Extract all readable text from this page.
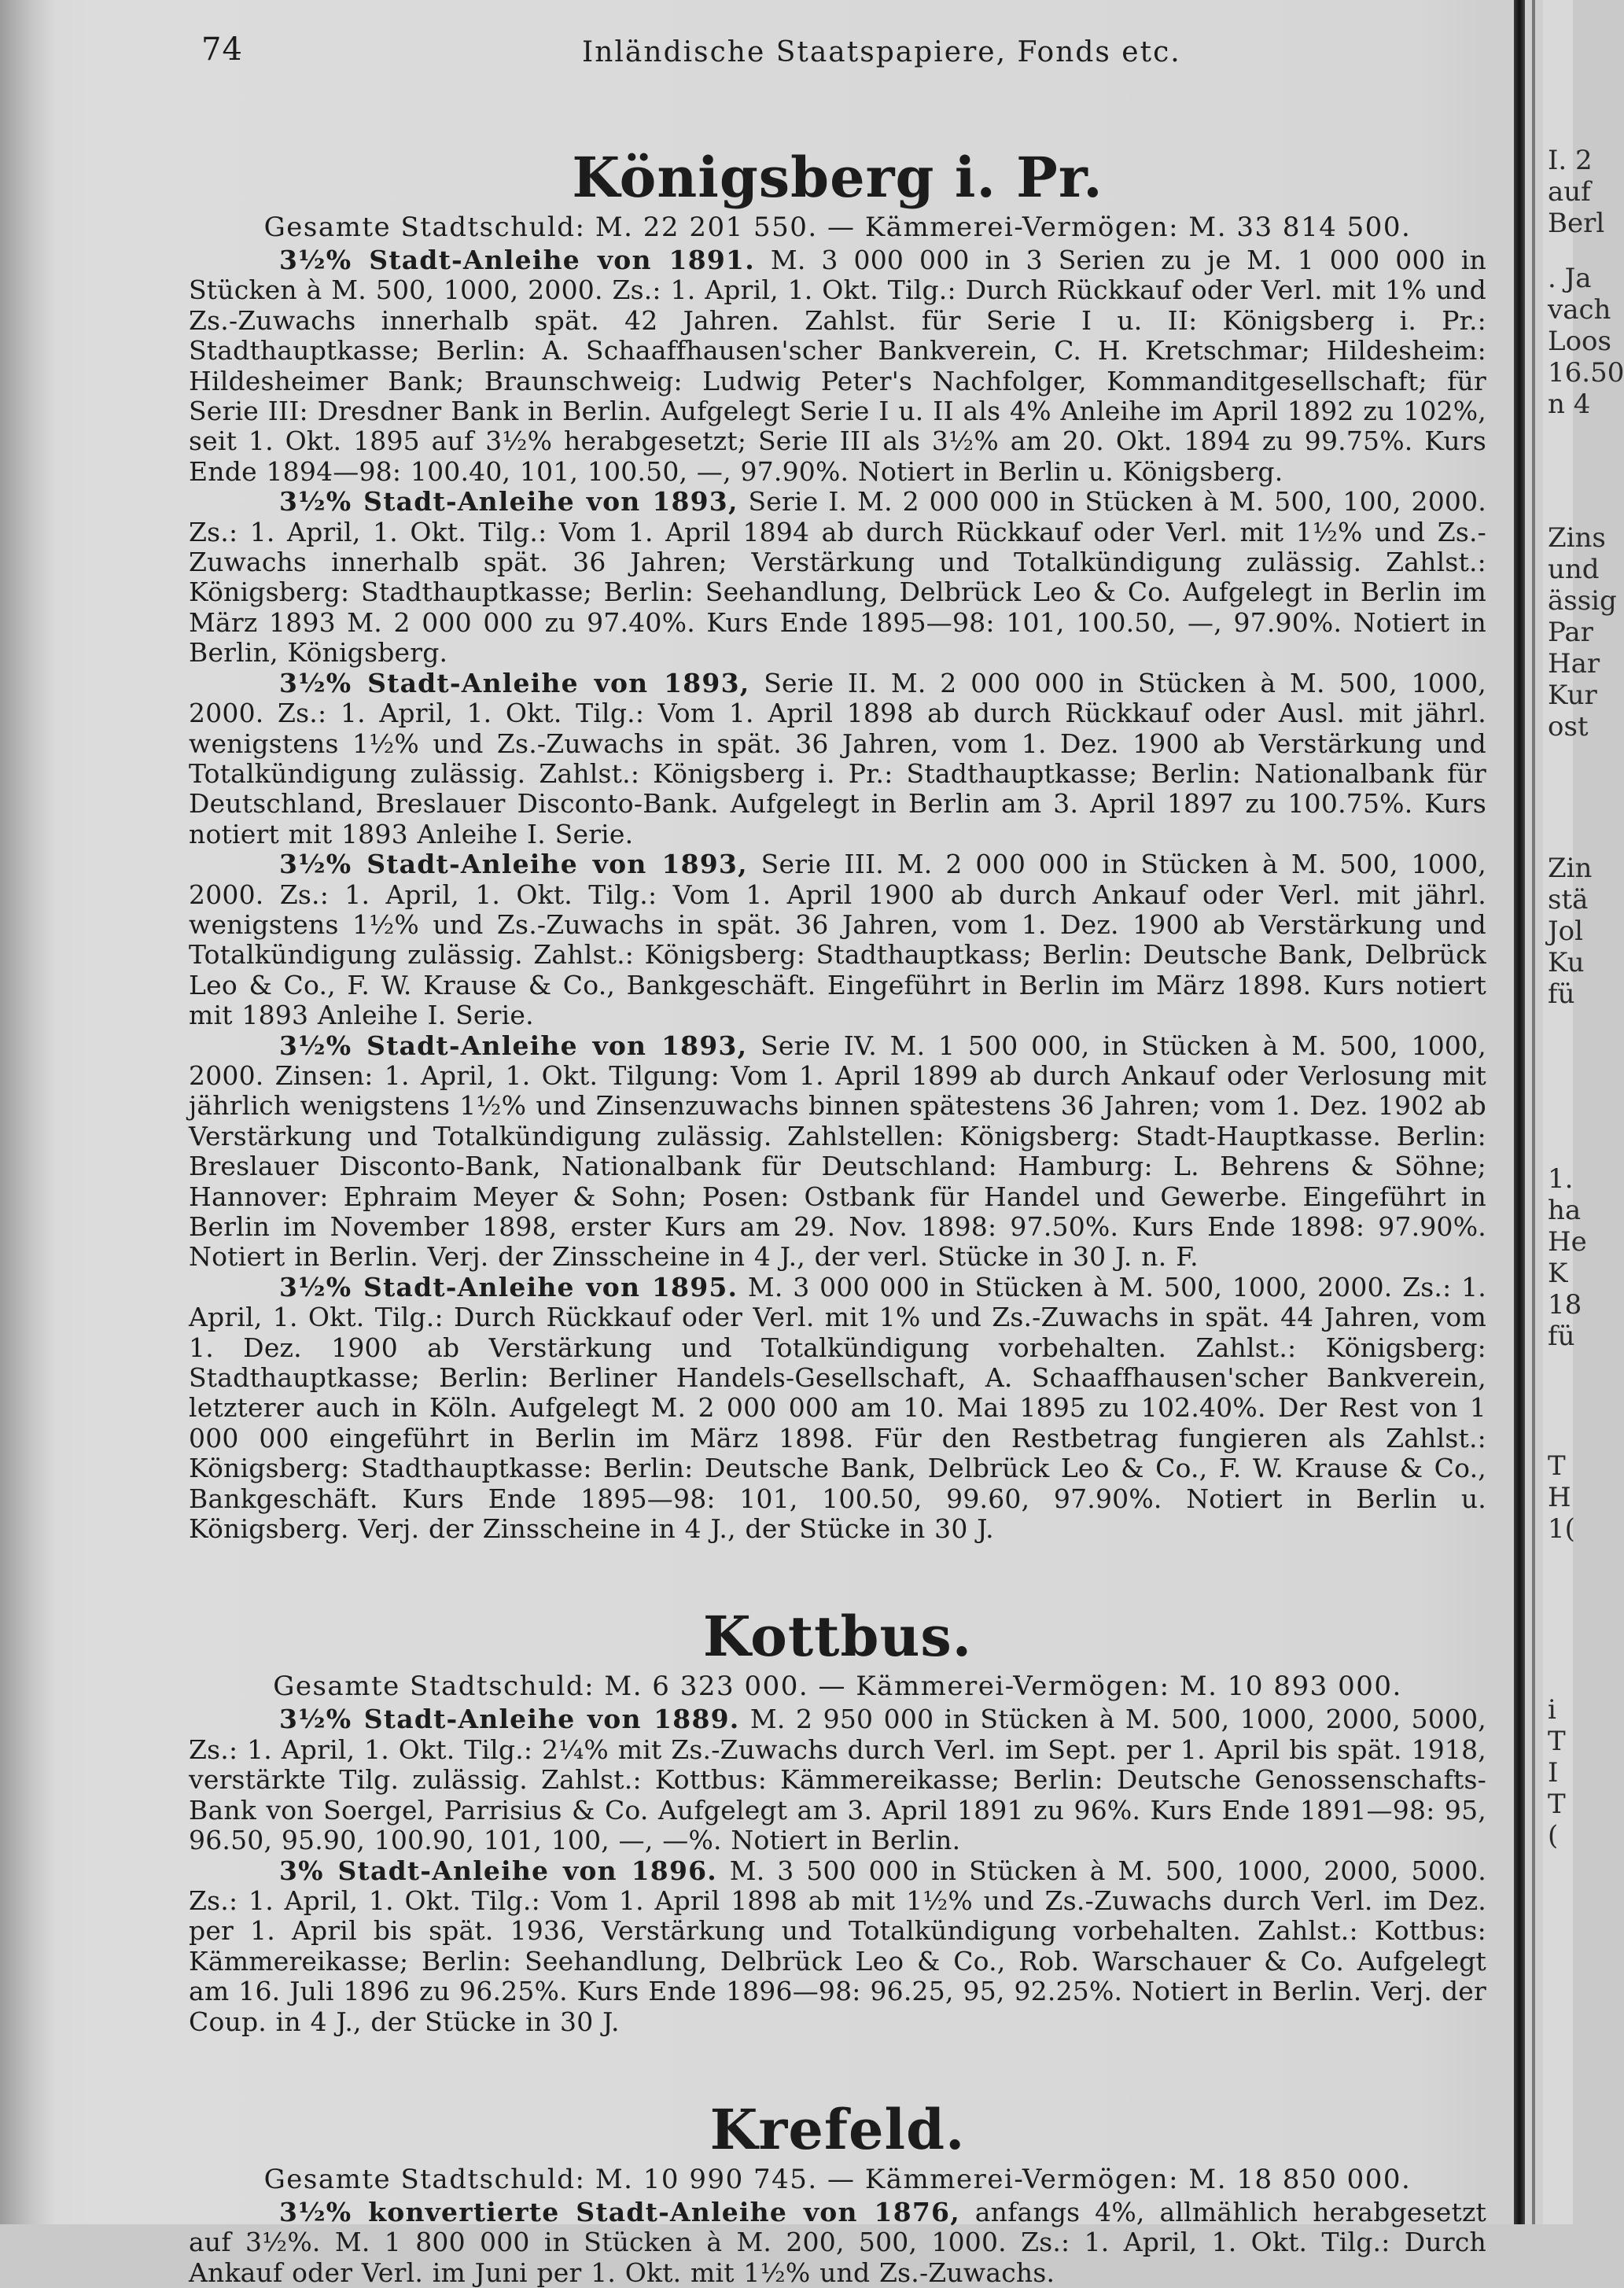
74	Inländische Staatspapiere, Fonds etc.
Königsberg i. Pr.
Gesamte Stadtschuld: M. 22 201 550. — Kämmerei-Vermögen: M. 33 814 500.

3½% Stadt-Anleihe von 1891. M. 3 000 000 in 3 Serien zu je M. 1 000 000 in Stücken à M. 500, 1000, 2000. Zs.: 1. April, 1. Okt. Tilg.: Durch Rückkauf oder Verl. mit 1% und Zs.-Zuwachs innerhalb spät. 42 Jahren. Zahlst. für Serie I u. II: Königsberg i. Pr.: Stadthauptkasse; Berlin: A. Schaaffhausen'scher Bankverein, C. H. Kretschmar; Hildesheim: Hildesheimer Bank; Braunschweig: Ludwig Peter's Nachfolger, Kommanditgesellschaft; für Serie III: Dresdner Bank in Berlin. Aufgelegt Serie I u. II als 4% Anleihe im April 1892 zu 102%, seit 1. Okt. 1895 auf 3½% herabgesetzt; Serie III als 3½% am 20. Okt. 1894 zu 99.75%. Kurs Ende 1894—98: 100.40, 101, 100.50, —, 97.90%. Notiert in Berlin u. Königsberg.

3½% Stadt-Anleihe von 1893, Serie I. M. 2 000 000 in Stücken à M. 500, 100, 2000. Zs.: 1. April, 1. Okt. Tilg.: Vom 1. April 1894 ab durch Rückkauf oder Verl. mit 1½% und Zs.-Zuwachs innerhalb spät. 36 Jahren; Verstärkung und Totalkündigung zulässig. Zahlst.: Königsberg: Stadthauptkasse; Berlin: Seehandlung, Delbrück Leo & Co. Aufgelegt in Berlin im März 1893 M. 2 000 000 zu 97.40%. Kurs Ende 1895—98: 101, 100.50, —, 97.90%. Notiert in Berlin, Königsberg.

3½% Stadt-Anleihe von 1893, Serie II. M. 2 000 000 in Stücken à M. 500, 1000, 2000. Zs.: 1. April, 1. Okt. Tilg.: Vom 1. April 1898 ab durch Rückkauf oder Ausl. mit jährl. wenigstens 1½% und Zs.-Zuwachs in spät. 36 Jahren, vom 1. Dez. 1900 ab Verstärkung und Totalkündigung zulässig. Zahlst.: Königsberg i. Pr.: Stadthauptkasse; Berlin: Nationalbank für Deutschland, Breslauer Disconto-Bank. Aufgelegt in Berlin am 3. April 1897 zu 100.75%. Kurs notiert mit 1893 Anleihe I. Serie.

3½% Stadt-Anleihe von 1893, Serie III. M. 2 000 000 in Stücken à M. 500, 1000, 2000. Zs.: 1. April, 1. Okt. Tilg.: Vom 1. April 1900 ab durch Ankauf oder Verl. mit jährl. wenigstens 1½% und Zs.-Zuwachs in spät. 36 Jahren, vom 1. Dez. 1900 ab Verstärkung und Totalkündigung zulässig. Zahlst.: Königsberg: Stadthauptkass; Berlin: Deutsche Bank, Delbrück Leo & Co., F. W. Krause & Co., Bankgeschäft. Eingeführt in Berlin im März 1898. Kurs notiert mit 1893 Anleihe I. Serie.

3½% Stadt-Anleihe von 1893, Serie IV. M. 1 500 000, in Stücken à M. 500, 1000, 2000. Zinsen: 1. April, 1. Okt. Tilgung: Vom 1. April 1899 ab durch Ankauf oder Verlosung mit jährlich wenigstens 1½% und Zinsenzuwachs binnen spätestens 36 Jahren; vom 1. Dez. 1902 ab Verstärkung und Totalkündigung zulässig. Zahlstellen: Königsberg: Stadt-Hauptkasse. Berlin: Breslauer Disconto-Bank, Nationalbank für Deutschland: Hamburg: L. Behrens & Söhne; Hannover: Ephraim Meyer & Sohn; Posen: Ostbank für Handel und Gewerbe. Eingeführt in Berlin im November 1898, erster Kurs am 29. Nov. 1898: 97.50%. Kurs Ende 1898: 97.90%. Notiert in Berlin. Verj. der Zinsscheine in 4 J., der verl. Stücke in 30 J. n. F.

3½% Stadt-Anleihe von 1895. M. 3 000 000 in Stücken à M. 500, 1000, 2000. Zs.: 1. April, 1. Okt. Tilg.: Durch Rückkauf oder Verl. mit 1% und Zs.-Zuwachs in spät. 44 Jahren, vom 1. Dez. 1900 ab Verstärkung und Totalkündigung vorbehalten. Zahlst.: Königsberg: Stadthauptkasse; Berlin: Berliner Handels-Gesellschaft, A. Schaaffhausen'scher Bankverein, letzterer auch in Köln. Aufgelegt M. 2 000 000 am 10. Mai 1895 zu 102.40%. Der Rest von 1 000 000 eingeführt in Berlin im März 1898. Für den Restbetrag fungieren als Zahlst.: Königsberg: Stadthauptkasse: Berlin: Deutsche Bank, Delbrück Leo & Co., F. W. Krause & Co., Bankgeschäft. Kurs Ende 1895—98: 101, 100.50, 99.60, 97.90%. Notiert in Berlin u. Königsberg. Verj. der Zinsscheine in 4 J., der Stücke in 30 J.

Kottbus.
Gesamte Stadtschuld: M. 6 323 000. — Kämmerei-Vermögen: M. 10 893 000.

3½% Stadt-Anleihe von 1889. M. 2 950 000 in Stücken à M. 500, 1000, 2000, 5000, Zs.: 1. April, 1. Okt. Tilg.: 2¼% mit Zs.-Zuwachs durch Verl. im Sept. per 1. April bis spät. 1918, verstärkte Tilg. zulässig. Zahlst.: Kottbus: Kämmereikasse; Berlin: Deutsche Genossenschafts-Bank von Soergel, Parrisius & Co. Aufgelegt am 3. April 1891 zu 96%. Kurs Ende 1891—98: 95, 96.50, 95.90, 100.90, 101, 100, —, —%. Notiert in Berlin.

3% Stadt-Anleihe von 1896. M. 3 500 000 in Stücken à M. 500, 1000, 2000, 5000. Zs.: 1. April, 1. Okt. Tilg.: Vom 1. April 1898 ab mit 1½% und Zs.-Zuwachs durch Verl. im Dez. per 1. April bis spät. 1936, Verstärkung und Totalkündigung vorbehalten. Zahlst.: Kottbus: Kämmereikasse; Berlin: Seehandlung, Delbrück Leo & Co., Rob. Warschauer & Co. Aufgelegt am 16. Juli 1896 zu 96.25%. Kurs Ende 1896—98: 96.25, 95, 92.25%. Notiert in Berlin. Verj. der Coup. in 4 J., der Stücke in 30 J.

Krefeld.
Gesamte Stadtschuld: M. 10 990 745. — Kämmerei-Vermögen: M. 18 850 000.

3½% konvertierte Stadt-Anleihe von 1876, anfangs 4%, allmählich herabgesetzt auf 3½%. M. 1 800 000 in Stücken à M. 200, 500, 1000. Zs.: 1. April, 1. Okt. Tilg.: Durch Ankauf oder Verl. im Juni per 1. Okt. mit 1½% und Zs.-Zuwachs.

I. 2
auf
Berl
. Ja
vach
Loos
16.50
n 4
Zins
und
ässig
Par
Har
Kur
ost
Zin
stä
Jol
Ku
fü
1.
ha
He
K
18
fü
T
H
1(
i
T
I
T
(
